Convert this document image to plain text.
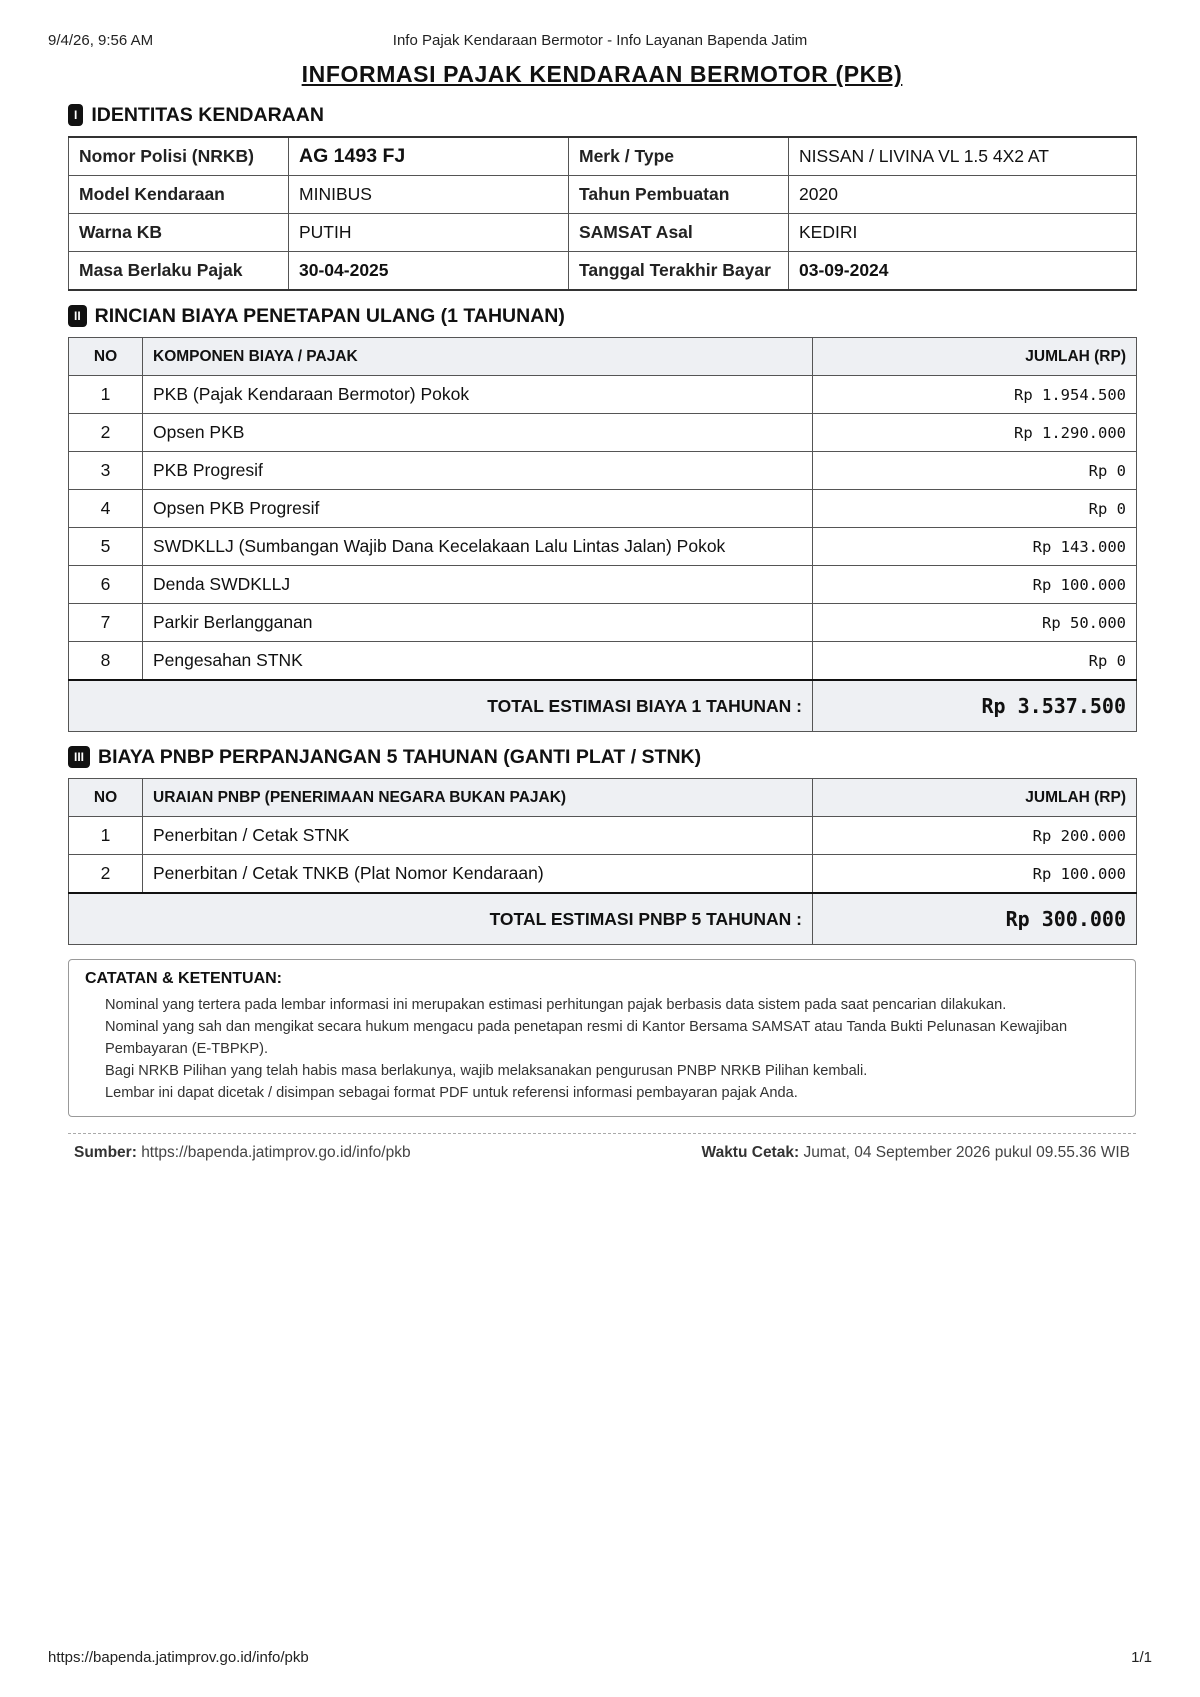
9/4/26, 9:56 AM	Info Pajak Kendaraan Bermotor - Info Layanan Bapenda Jatim
INFORMASI PAJAK KENDARAAN BERMOTOR (PKB)
I IDENTITAS KENDARAAN
Nomor Polisi (NRKB)	AG 1493 FJ	Merk / Type	NISSAN / LIVINA VL 1.5 4X2 AT
Model Kendaraan	MINIBUS	Tahun Pembuatan	2020
Warna KB	PUTIH	SAMSAT Asal	KEDIRI
Masa Berlaku Pajak	30-04-2025	Tanggal Terakhir Bayar	03-09-2024
II RINCIAN BIAYA PENETAPAN ULANG (1 TAHUNAN)
NO	KOMPONEN BIAYA / PAJAK	JUMLAH (RP)
1	PKB (Pajak Kendaraan Bermotor) Pokok	Rp 1.954.500
2	Opsen PKB	Rp 1.290.000
3	PKB Progresif	Rp 0
4	Opsen PKB Progresif	Rp 0
5	SWDKLLJ (Sumbangan Wajib Dana Kecelakaan Lalu Lintas Jalan) Pokok	Rp 143.000
6	Denda SWDKLLJ	Rp 100.000
7	Parkir Berlangganan	Rp 50.000
8	Pengesahan STNK	Rp 0
TOTAL ESTIMASI BIAYA 1 TAHUNAN :		Rp 3.537.500
III BIAYA PNBP PERPANJANGAN 5 TAHUNAN (GANTI PLAT / STNK)
NO	URAIAN PNBP (PENERIMAAN NEGARA BUKAN PAJAK)	JUMLAH (RP)
1	Penerbitan / Cetak STNK	Rp 200.000
2	Penerbitan / Cetak TNKB (Plat Nomor Kendaraan)	Rp 100.000
TOTAL ESTIMASI PNBP 5 TAHUNAN :		Rp 300.000
CATATAN & KETENTUAN:
Nominal yang tertera pada lembar informasi ini merupakan estimasi perhitungan pajak berbasis data sistem pada saat pencarian dilakukan.
Nominal yang sah dan mengikat secara hukum mengacu pada penetapan resmi di Kantor Bersama SAMSAT atau Tanda Bukti Pelunasan Kewajiban Pembayaran (E-TBPKP).
Bagi NRKB Pilihan yang telah habis masa berlakunya, wajib melaksanakan pengurusan PNBP NRKB Pilihan kembali.
Lembar ini dapat dicetak / disimpan sebagai format PDF untuk referensi informasi pembayaran pajak Anda.
Sumber: https://bapenda.jatimprov.go.id/info/pkb	Waktu Cetak: Jumat, 04 September 2026 pukul 09.55.36 WIB
https://bapenda.jatimprov.go.id/info/pkb	1/1
